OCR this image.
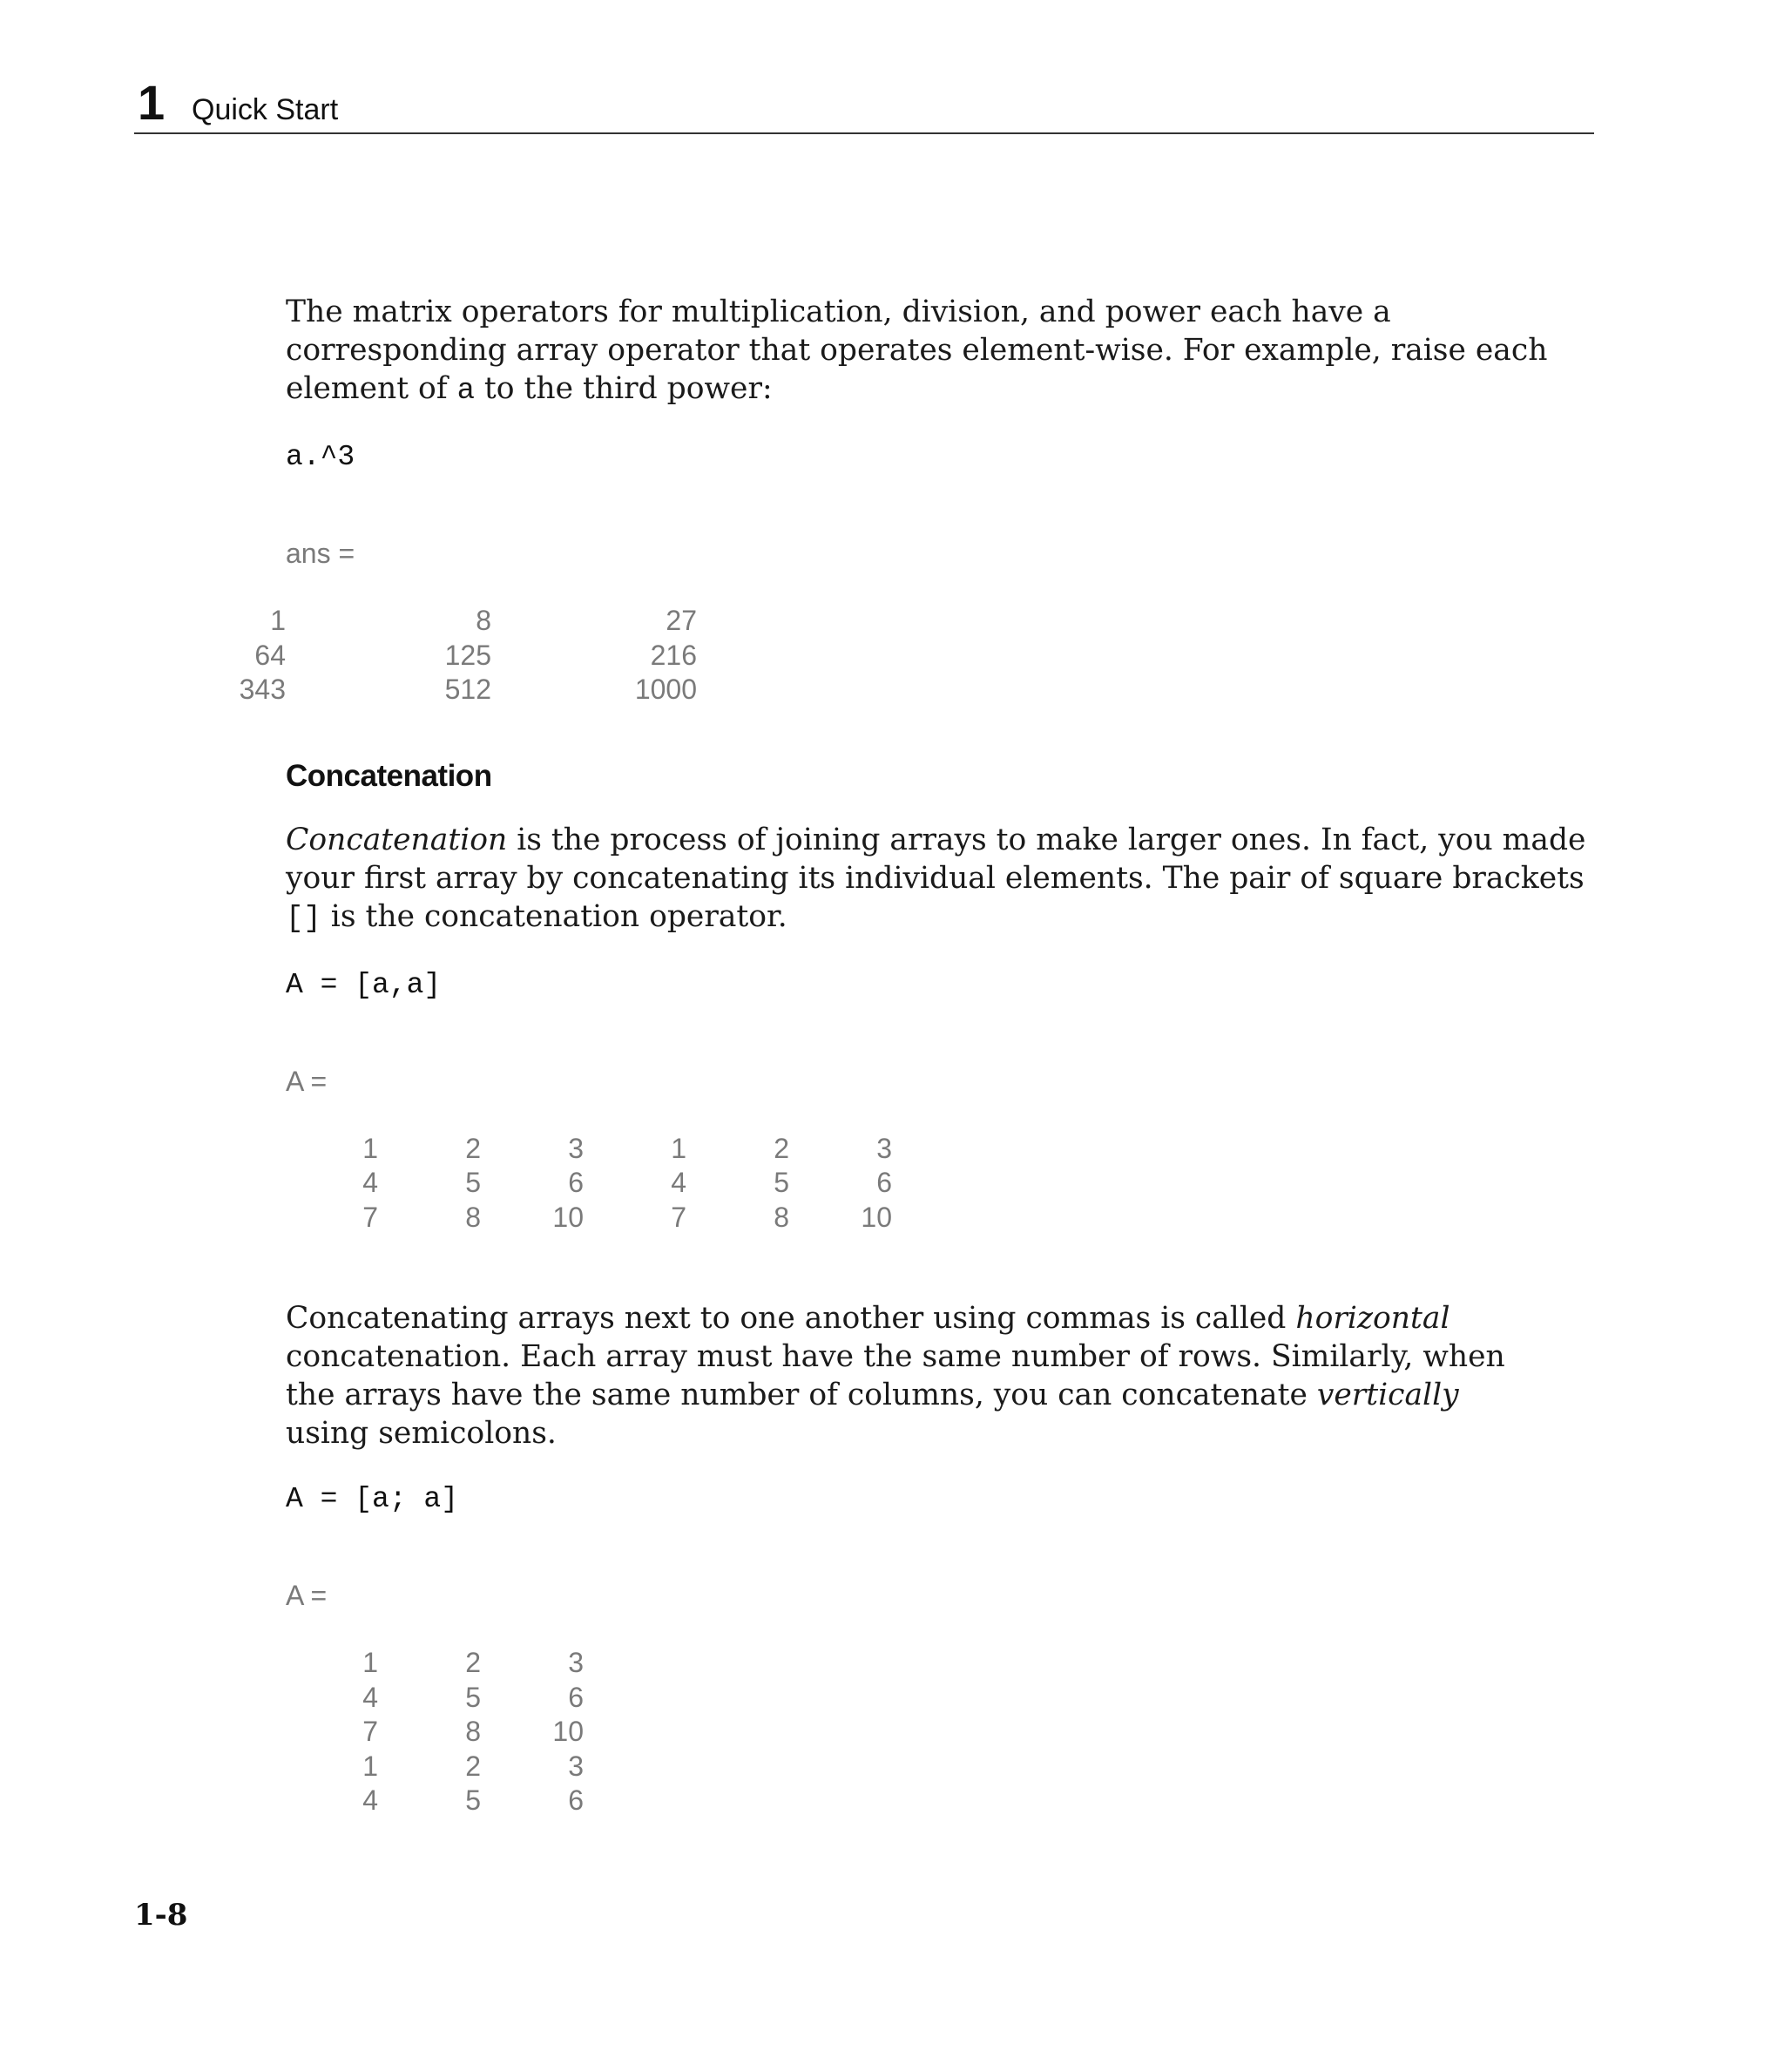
1 Quick Start

The matrix operators for multiplication, division, and power each have a corresponding array operator that operates element-wise. For example, raise each element of a to the third power:

a.^3

ans =

1	8	27
64	125	216
343	512	1000

Concatenation

Concatenation is the process of joining arrays to make larger ones. In fact, you made your first array by concatenating its individual elements. The pair of square brackets [] is the concatenation operator.

A = [a,a]

A =

1	2	3	1	2	3
4	5	6	4	5	6
7	8	10	7	8	10

Concatenating arrays next to one another using commas is called horizontal concatenation. Each array must have the same number of rows. Similarly, when the arrays have the same number of columns, you can concatenate vertically using semicolons.

A = [a; a]

A =

1	2	3
4	5	6
7	8	10
1	2	3
4	5	6
1-8
